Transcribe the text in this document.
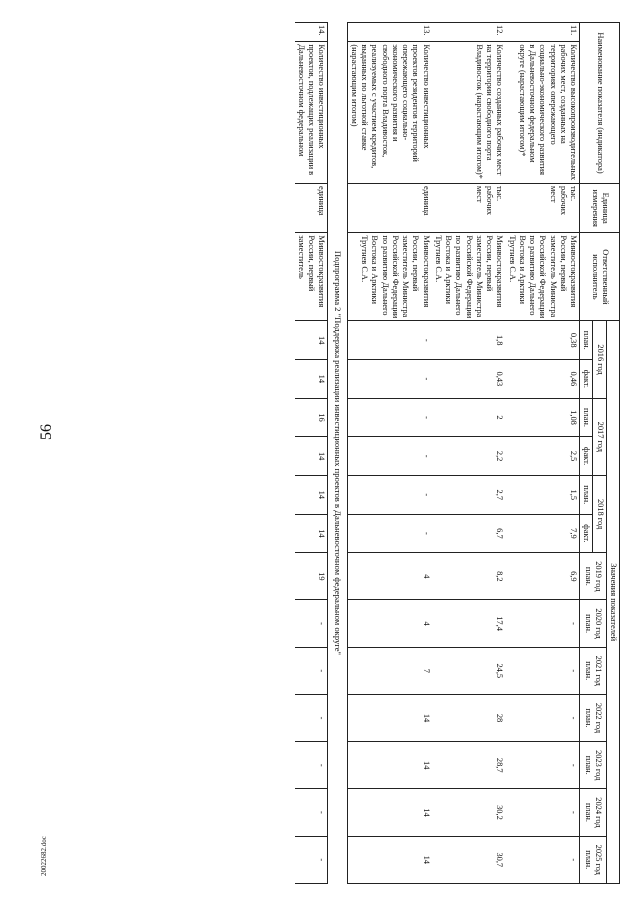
56
Наименование показателя (индикатора)		Единица измерения	Ответственный исполнитель	Значения показателей												
				2016 год		2017 год		2018 год		2019 год план.	2020 год план.	2021 год план.	2022 год план.	2023 год план.	2024 год план.	2025 год план.
				план.	факт.	план.	факт.	план.	факт.							
11.	Количество высокопроизводительных рабочих мест, созданных на территориях опережающего социально-экономического развития в Дальневосточном федеральном округе (нарастающим итогом)*	тыс. рабочих мест	Минвостокразвития России, первый заместитель Министра Российской Федерации по развитию Дальнего Востока и Арктики Трутнев С.А.	0,38	0,46	1,08	2,5	1,5	7,9	6,9	-	-	-	-	-	-
12.	Количество созданных рабочих мест на территории свободного порта Владивосток (нарастающим итогом)*	тыс. рабочих мест	Минвостокразвития России, первый заместитель Министра Российской Федерации по развитию Дальнего Востока и Арктики Трутнев С.А.	1,8	0,43	2	2,2	2,7	6,7	8,2	17,4	24,5	28	28,7	30,2	30,7
13.	Количество инвестиционных проектов резидентов территорий опережающего социально-экономического развития и свободного порта Владивосток, реализуемых с участием кредитов, выданных по льготной ставке (нарастающим итогом)	единица	Минвостокразвития России, первый заместитель Министра Российской Федерации по развитию Дальнего Востока и Арктики Трутнев С.А.	-	-	-	-	-	-	4	4	7	14	14	14	14
Подпрограмма 2 "Поддержка реализации инвестиционных проектов в Дальневосточном федеральном округе"																
14.	Количество инвестиционных проектов, подлежащих реализации в Дальневосточном федеральном	единица	Минвостокразвития России, первый заместитель	14	14	16	14	14	14	19	-	-	-	-	-	-
20022682.doc
